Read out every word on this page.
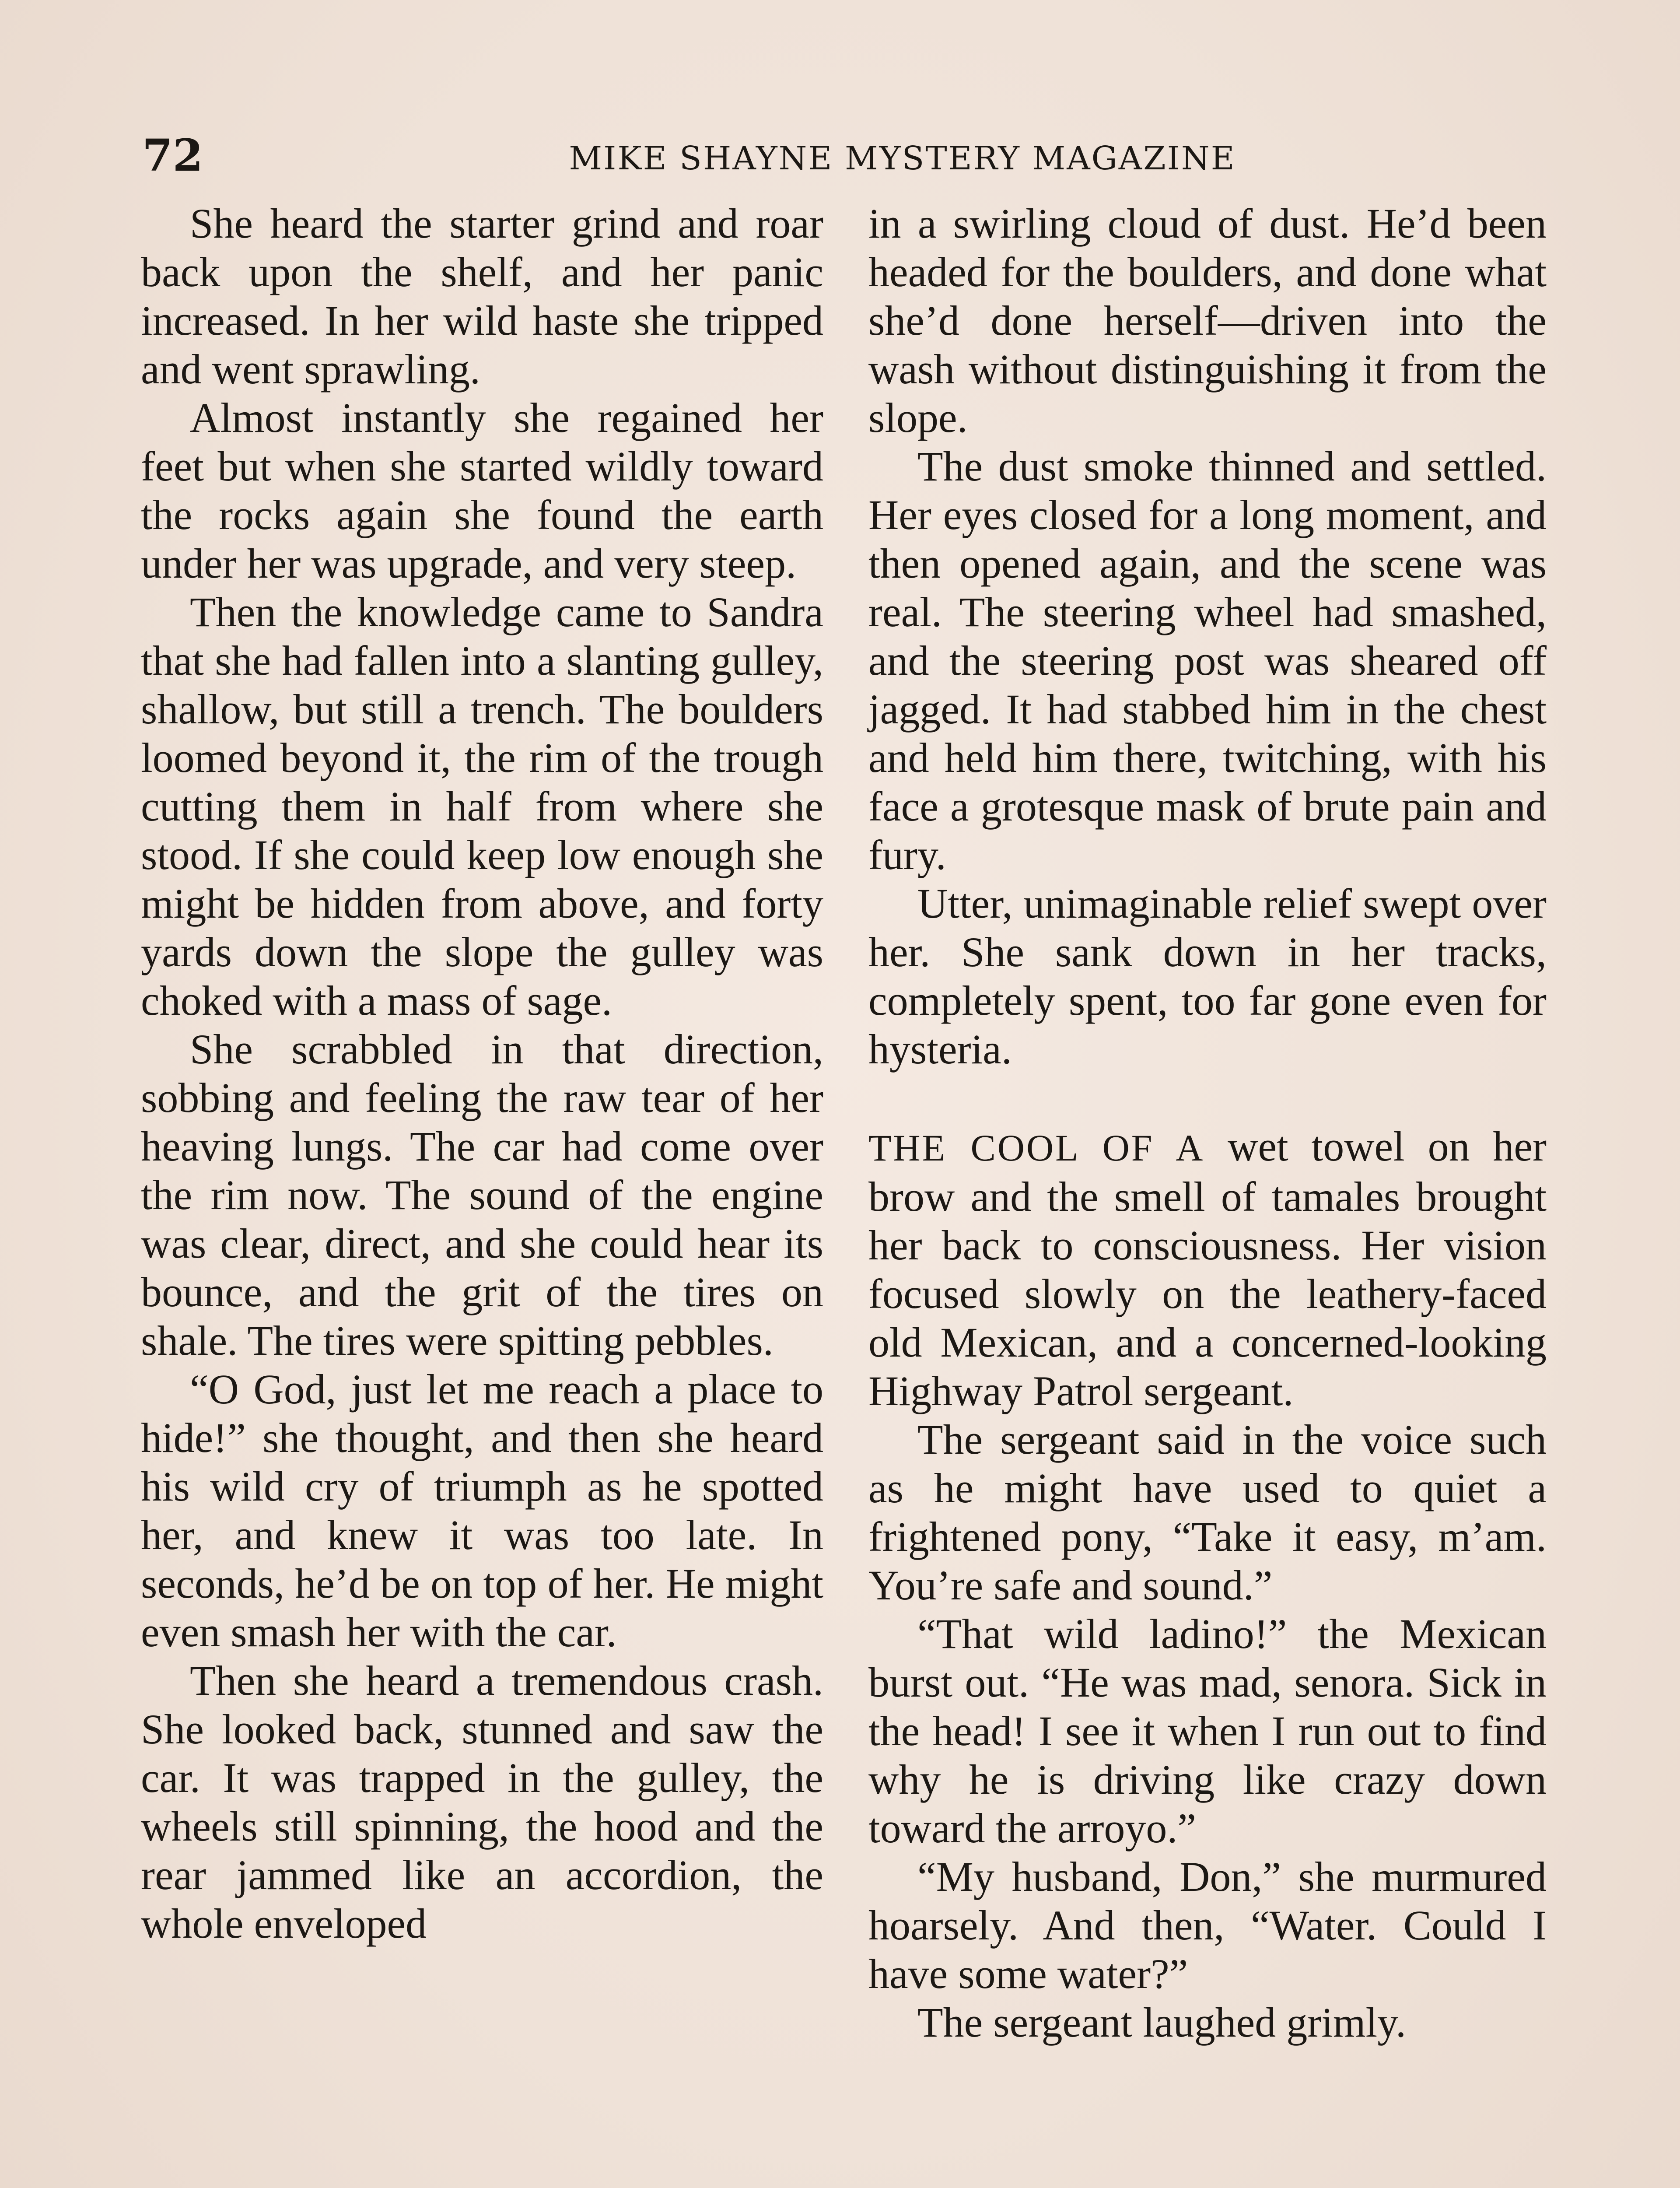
72	MIKE SHAYNE MYSTERY MAGAZINE

She heard the starter grind and roar back upon the shelf, and her panic increased. In her wild haste she tripped and went sprawling.

Almost instantly she regained her feet but when she started wildly toward the rocks again she found the earth under her was upgrade, and very steep.

Then the knowledge came to Sandra that she had fallen into a slanting gulley, shallow, but still a trench. The boulders loomed beyond it, the rim of the trough cutting them in half from where she stood. If she could keep low enough she might be hidden from above, and forty yards down the slope the gulley was choked with a mass of sage.

She scrabbled in that direction, sobbing and feeling the raw tear of her heaving lungs. The car had come over the rim now. The sound of the engine was clear, direct, and she could hear its bounce, and the grit of the tires on shale. The tires were spitting pebbles.

“O God, just let me reach a place to hide!” she thought, and then she heard his wild cry of triumph as he spotted her, and knew it was too late. In seconds, he’d be on top of her. He might even smash her with the car.

Then she heard a tremendous crash. She looked back, stunned and saw the car. It was trapped in the gulley, the wheels still spinning, the hood and the rear jammed like an accordion, the whole enveloped

in a swirling cloud of dust. He’d been headed for the boulders, and done what she’d done herself—driven into the wash without distinguishing it from the slope.

The dust smoke thinned and settled. Her eyes closed for a long moment, and then opened again, and the scene was real. The steering wheel had smashed, and the steering post was sheared off jagged. It had stabbed him in the chest and held him there, twitching, with his face a grotesque mask of brute pain and fury.

Utter, unimaginable relief swept over her. She sank down in her tracks, completely spent, too far gone even for hysteria.

THE COOL OF A wet towel on her brow and the smell of tamales brought her back to consciousness. Her vision focused slowly on the leathery-faced old Mexican, and a concerned-looking Highway Patrol sergeant.

The sergeant said in the voice such as he might have used to quiet a frightened pony, “Take it easy, m’am. You’re safe and sound.”

“That wild ladino!” the Mexican burst out. “He was mad, senora. Sick in the head! I see it when I run out to find why he is driving like crazy down toward the arroyo.”

“My husband, Don,” she murmured hoarsely. And then, “Water. Could I have some water?”

The sergeant laughed grimly.
